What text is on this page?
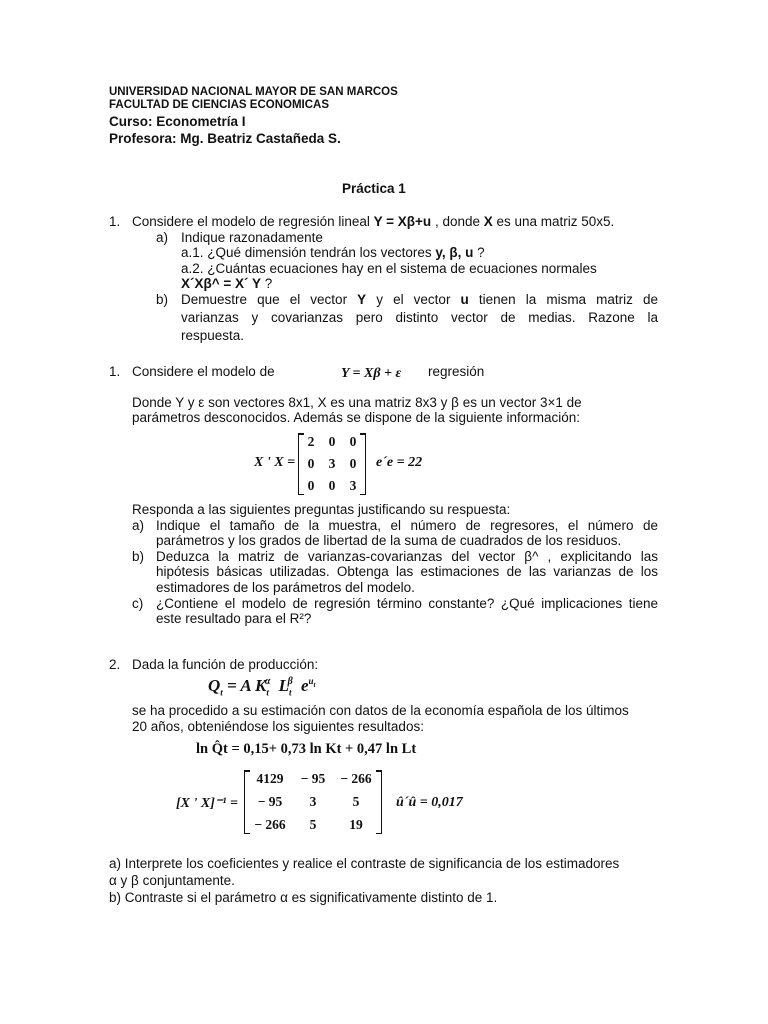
UNIVERSIDAD NACIONAL MAYOR DE SAN MARCOS
FACULTAD DE CIENCIAS ECONOMICAS
Curso: Econometría I
Profesora: Mg. Beatriz Castañeda S.
Práctica 1
1. Considere el modelo de regresión lineal Y = Xβ+u , donde X es una matriz 50x5.
a) Indique razonadamente
a.1. ¿Qué dimensión tendrán los vectores y, β, u ?
a.2. ¿Cuántas ecuaciones hay en el sistema de ecuaciones normales
X´Xβ^ = X´ Y ?
b) Demuestre que el vector Y y el vector u tienen la misma matriz de
varianzas y covarianzas pero distinto vector de medias. Razone la
respuesta.
1. Considere el modelo de	Y = Xβ + ε regresión
Donde Y y ε son vectores 8x1, X es una matriz 8x3 y β es un vector 3×1 de
parámetros desconocidos. Además se dispone de la siguiente información:
X ' X =
2	0	0
0	3	0
0	0	3
e´e = 22
Responda a las siguientes preguntas justificando su respuesta:
a) Indique el tamaño de la muestra, el número de regresores, el número de
parámetros y los grados de libertad de la suma de cuadrados de los residuos.
b) Deduzca la matriz de varianzas-covarianzas del vector β^ , explicitando las
hipótesis básicas utilizadas. Obtenga las estimaciones de las varianzas de los
estimadores de los parámetros del modelo.
c) ¿Contiene el modelo de regresión término constante? ¿Qué implicaciones tiene
este resultado para el R²?
2. Dada la función de producción:
$Q_t = A$ $K_t^\alpha$ $L_t^\beta$ $e^{u_t}$
se ha procedido a su estimación con datos de la economía española de los últimos
20 años, obteniéndose los siguientes resultados:
ln Q̂t = 0,15+ 0,73 ln Kt + 0,47 ln Lt
[X ' X]⁻¹ =
4129	− 95	− 266
− 95	3	5
− 266	5	19
û´û = 0,017
a) Interprete los coeficientes y realice el contraste de significancia de los estimadores
α y β conjuntamente.
b) Contraste si el parámetro α es significativamente distinto de 1.
